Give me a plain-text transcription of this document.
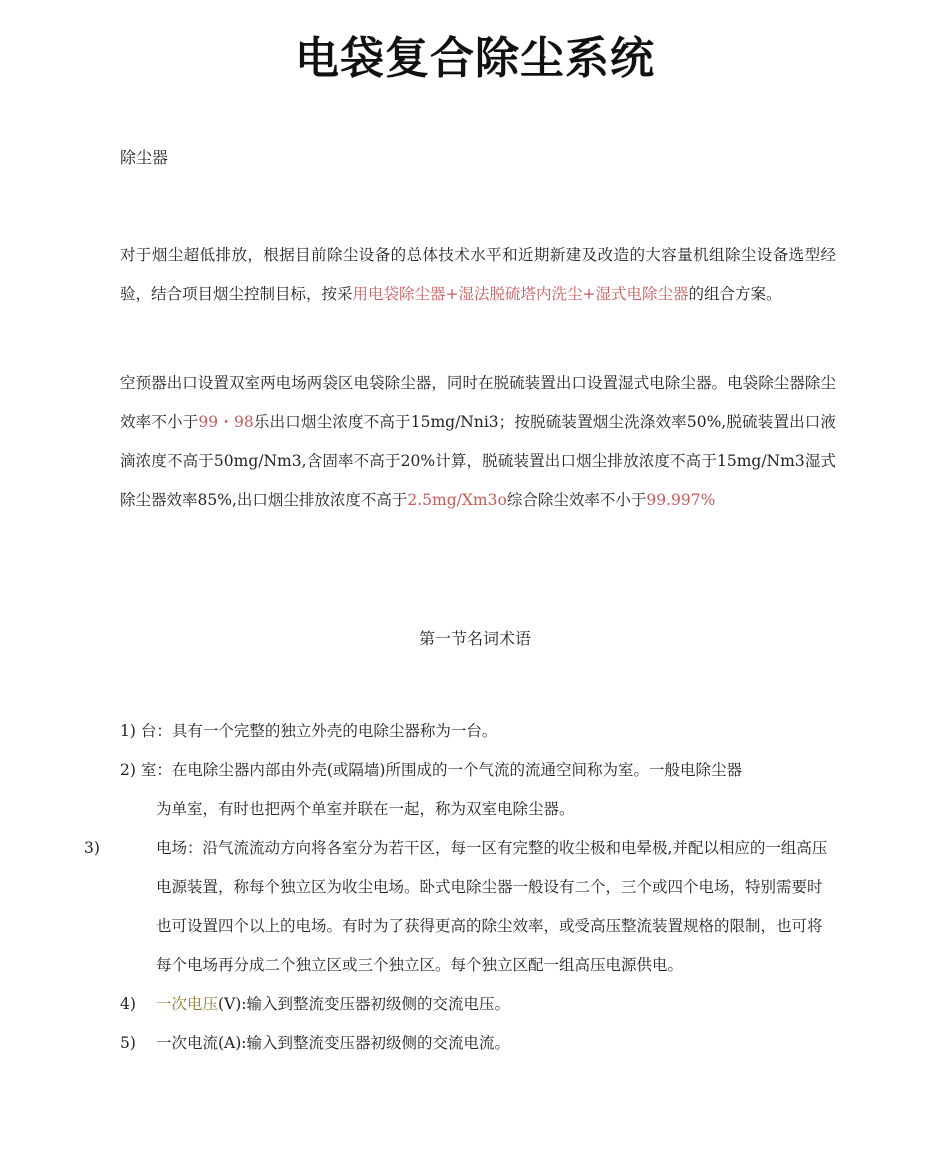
电袋复合除尘系统
除尘器
对于烟尘超低排放，根据目前除尘设备的总体技术水平和近期新建及改造的大容量机组除尘设备选型经验，结合项目烟尘控制目标，按采用电袋除尘器+湿法脱硫塔内洗尘+湿式电除尘器的组合方案。
空预器出口设置双室两电场两袋区电袋除尘器，同时在脱硫装置出口设置湿式电除尘器。电袋除尘器除尘效率不小于99・98乐出口烟尘浓度不高于15mg/Nni3；按脱硫装置烟尘洗涤效率50%,脱硫装置出口液滴浓度不高于50mg/Nm3,含固率不高于20%计算，脱硫装置出口烟尘排放浓度不高于15mg/Nm3湿式除尘器效率85%,出口烟尘排放浓度不高于2.5mg/Xm3o综合除尘效率不小于99.997%
第一节名词术语
1) 台：具有一个完整的独立外壳的电除尘器称为一台。
2) 室：在电除尘器内部由外壳(或隔墙)所围成的一个气流的流通空间称为室。一般电除尘器
为单室，有时也把两个单室并联在一起，称为双室电除尘器。
3)	电场：沿气流流动方向将各室分为若干区，每一区有完整的收尘极和电晕极,并配以相应的一组高压电源装置，称每个独立区为收尘电场。卧式电除尘器一般设有二个，三个或四个电场，特别需要时也可设置四个以上的电场。有时为了获得更高的除尘效率，或受高压整流装置规格的限制，也可将每个电场再分成二个独立区或三个独立区。每个独立区配一组高压电源供电。
4) 一次电压(V):输入到整流变压器初级侧的交流电压。
5) 一次电流(A):输入到整流变压器初级侧的交流电流。
